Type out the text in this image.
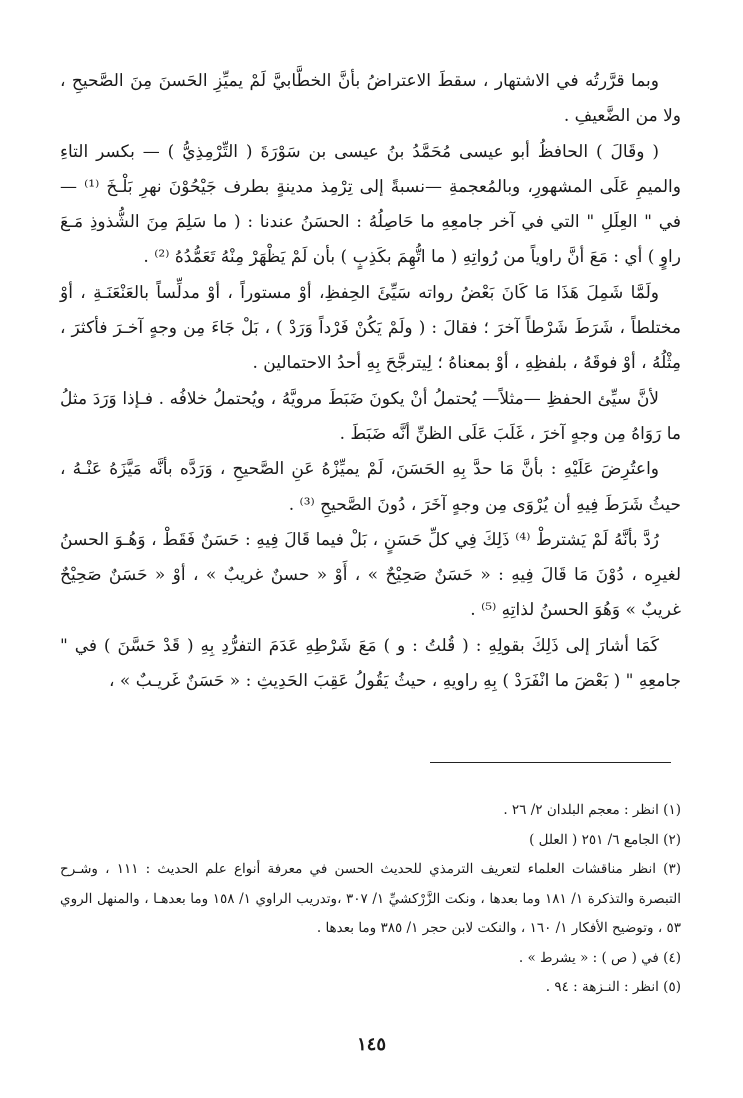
وبما قرَّرتُه في الاشتهار ، سقطَ الاعتراضُ بأنَّ الخطَّابيَّ لَمْ يميِّزِ الحَسنَ مِنَ الصَّحيحِ ، ولا من الضَّعيفِ .

( وقَالَ ) الحافظُ أبو عيسى مُحَمَّدُ بنُ عيسى بن سَوْرَةَ ( التِّرْمِذِيُّ ) — بكسر التاءِ والميمِ عَلَى المشهورِ، وبالمُعجمةِ —نسبةً إلى تِرْمِذ مدينةٍ بطرف جَيْحُوْنَ نهرِ بَلْـخَ ⁽¹⁾ — في " العِلَلِ " التي في آخر جامعِهِ ما حَاصِلُهُ : الحسَنُ عندنا : ( ما سَلِمَ مِنَ الشُّذوذِ مَـعَ راوٍ ) أي : مَعَ أنَّ راوياً من رُواتِهِ ( ما اتُّهِمَ بكَذِبٍ ) بأن لَمْ يَظْهَرْ مِنْهُ تَعَمُّدُهُ ⁽²⁾ .

ولَمَّا شَمِلَ هَذَا مَا كَانَ بَعْضُ رواته سَيِّئَ الحِفظِ، أوْ مستوراً ، أوْ مدلِّساً بالعَنْعَنَـةِ ، أوْ مختلطاً ، شَرَطَ شَرْطاً آخرَ ؛ فقالَ : ( ولَمْ يَكُنْ فَرْداً وَرَدْ ) ، بَلْ جَاءَ مِن وجهٍ آخـرَ فأكثرَ ، مِثْلُهُ ، أوْ فوقَهُ ، بلفظِهِ ، أوْ بمعناهُ ؛ لِيترجَّحَ بِهِ أحدُ الاحتمالين .

لأنَّ سيِّئ الحفظِ —مثلاً— يُحتملُ أنْ يكونَ ضَبَطَ مرويَّهُ ، ويُحتملُ خلافُه . فـإذا وَرَدَ مثلُ ما رَوَاهُ مِن وجهٍ آخرَ ، غَلَبَ عَلَى الظنِّ أنَّه ضَبَطَ .

واعتُرِضَ عَلَيْهِ : بأنَّ مَا حدَّ بِهِ الحَسَنَ، لَمْ يميِّزْهُ عَنِ الصَّحيحِ ، وَرَدَّه بأنَّه مَيَّزَهُ عَنْـهُ ، حيثُ شَرَطَ فِيهِ أن يُرْوَى مِن وجهٍ آخَرَ ، دُونَ الصَّحيحِ ⁽³⁾ .

رُدَّ بأنَّهُ لَمْ يَشترطْ ⁽⁴⁾ ذَلِكَ فِي كلِّ حَسَنٍ ، بَلْ فيما قَالَ فِيهِ : حَسَنٌ فَقَطْ ، وَهُـوَ الحسنُ لغيرِه ، دُوْنَ مَا قَالَ فِيهِ : « حَسَنٌ صَحِيْحٌ » ، أَوْ « حسنٌ غريبٌ » ، أوْ « حَسَنٌ صَحِيْحٌ غريبٌ » وَهُوَ الحسنُ لذاتِهِ ⁽⁵⁾ .

كَمَا أشارَ إلى ذَلِكَ بقولِهِ : ( قُلتُ : و ) مَعَ شَرْطِهِ عَدَمَ التفرُّدِ بِهِ ( قَدْ حَسَّنَ ) في " جامعِهِ " ( بَعْضَ ما انْفَرَدْ ) بِهِ راويهِ ، حيثُ يَقُولُ عَقِبَ الحَدِيثِ : « حَسَنٌ غَريـبٌ » ،

(١) انظر : معجم البلدان ٢/ ٢٦ .

(٢) الجامع ٦/ ٢٥١ ( العلل )

(٣) انظر مناقشات العلماء لتعريف الترمذي للحديث الحسن في معرفة أنواع علم الحديث : ١١١ ، وشـرح التبصرة والتذكرة ١/ ١٨١ وما بعدها ، ونكت الزَّرْكشيِّ ١/ ٣٠٧ ،وتدريب الراوي ١/ ١٥٨ وما بعدهـا ، والمنهل الروي ٥٣ ، وتوضيح الأفكار ١/ ١٦٠ ، والنكت لابن حجر ١/ ٣٨٥ وما بعدها .

(٤) في ( ص ) : « يشرط » .

(٥) انظر : النـزهة : ٩٤ .

١٤٥
